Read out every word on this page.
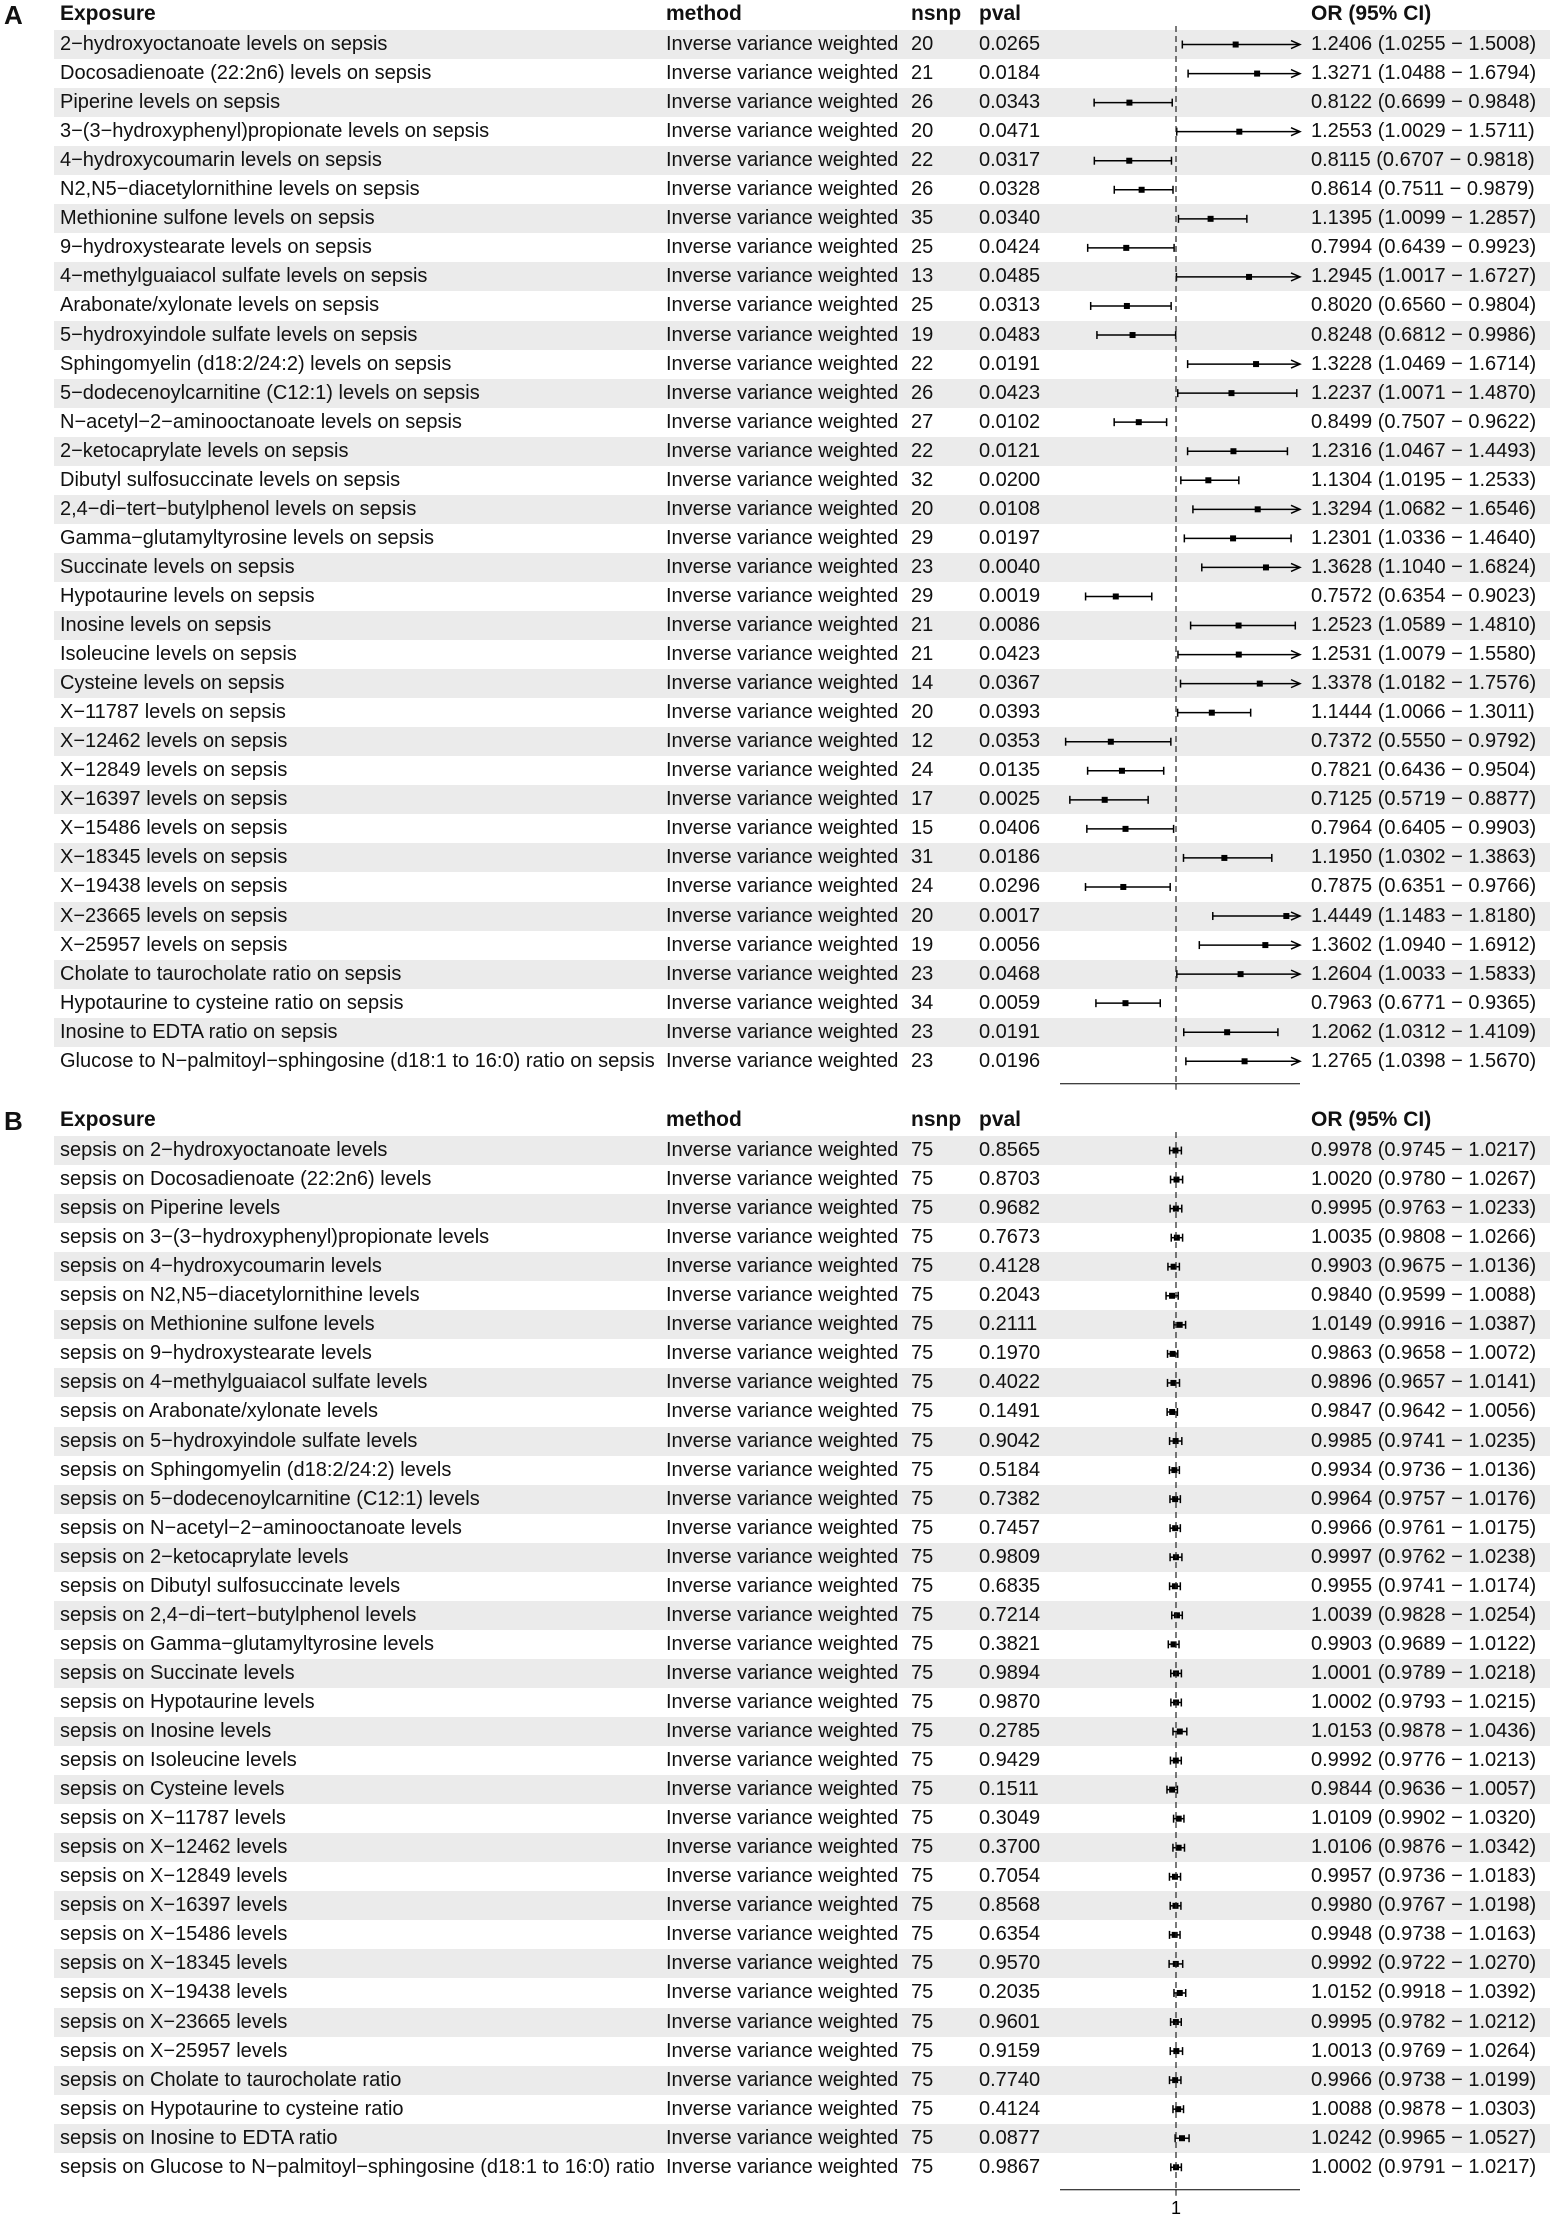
A Exposure	method	nsnp pval	OR (95% CI)
2−hydroxyoctanoate levels on sepsis	Inverse variance weighted 20 0.0265	1.2406 (1.0255 − 1.5008)
Docosadienoate (22:2n6) levels on sepsis	Inverse variance weighted 21 0.0184	1.3271 (1.0488 − 1.6794)
Piperine levels on sepsis	Inverse variance weighted 26 0.0343	0.8122 (0.6699 − 0.9848)
3−(3−hydroxyphenyl)propionate levels on sepsis	Inverse variance weighted 20 0.0471	1.2553 (1.0029 − 1.5711)
4−hydroxycoumarin levels on sepsis	Inverse variance weighted 22 0.0317	0.8115 (0.6707 − 0.9818)
N2,N5−diacetylornithine levels on sepsis	Inverse variance weighted 26 0.0328	0.8614 (0.7511 − 0.9879)
Methionine sulfone levels on sepsis	Inverse variance weighted 35 0.0340	1.1395 (1.0099 − 1.2857)
9−hydroxystearate levels on sepsis	Inverse variance weighted 25 0.0424	0.7994 (0.6439 − 0.9923)
4−methylguaiacol sulfate levels on sepsis	Inverse variance weighted 13 0.0485	1.2945 (1.0017 − 1.6727)
Arabonate/xylonate levels on sepsis	Inverse variance weighted 25 0.0313	0.8020 (0.6560 − 0.9804)
5−hydroxyindole sulfate levels on sepsis	Inverse variance weighted 19 0.0483	0.8248 (0.6812 − 0.9986)
Sphingomyelin (d18:2/24:2) levels on sepsis	Inverse variance weighted 22 0.0191	1.3228 (1.0469 − 1.6714)
5−dodecenoylcarnitine (C12:1) levels on sepsis	Inverse variance weighted 26 0.0423	1.2237 (1.0071 − 1.4870)
N−acetyl−2−aminooctanoate levels on sepsis	Inverse variance weighted 27 0.0102	0.8499 (0.7507 − 0.9622)
2−ketocaprylate levels on sepsis	Inverse variance weighted 22 0.0121	1.2316 (1.0467 − 1.4493)
Dibutyl sulfosuccinate levels on sepsis	Inverse variance weighted 32 0.0200	1.1304 (1.0195 − 1.2533)
2,4−di−tert−butylphenol levels on sepsis	Inverse variance weighted 20 0.0108	1.3294 (1.0682 − 1.6546)
Gamma−glutamyltyrosine levels on sepsis	Inverse variance weighted 29 0.0197	1.2301 (1.0336 − 1.4640)
Succinate levels on sepsis	Inverse variance weighted 23 0.0040	1.3628 (1.1040 − 1.6824)
Hypotaurine levels on sepsis	Inverse variance weighted 29 0.0019	0.7572 (0.6354 − 0.9023)
Inosine levels on sepsis	Inverse variance weighted 21 0.0086	1.2523 (1.0589 − 1.4810)
Isoleucine levels on sepsis	Inverse variance weighted 21 0.0423	1.2531 (1.0079 − 1.5580)
Cysteine levels on sepsis	Inverse variance weighted 14 0.0367	1.3378 (1.0182 − 1.7576)
X−11787 levels on sepsis	Inverse variance weighted 20 0.0393	1.1444 (1.0066 − 1.3011)
X−12462 levels on sepsis	Inverse variance weighted 12 0.0353	0.7372 (0.5550 − 0.9792)
X−12849 levels on sepsis	Inverse variance weighted 24 0.0135	0.7821 (0.6436 − 0.9504)
X−16397 levels on sepsis	Inverse variance weighted 17 0.0025	0.7125 (0.5719 − 0.8877)
X−15486 levels on sepsis	Inverse variance weighted 15 0.0406	0.7964 (0.6405 − 0.9903)
X−18345 levels on sepsis	Inverse variance weighted 31 0.0186	1.1950 (1.0302 − 1.3863)
X−19438 levels on sepsis	Inverse variance weighted 24 0.0296	0.7875 (0.6351 − 0.9766)
X−23665 levels on sepsis	Inverse variance weighted 20 0.0017	1.4449 (1.1483 − 1.8180)
X−25957 levels on sepsis	Inverse variance weighted 19 0.0056	1.3602 (1.0940 − 1.6912)
Cholate to taurocholate ratio on sepsis	Inverse variance weighted 23 0.0468	1.2604 (1.0033 − 1.5833)
Hypotaurine to cysteine ratio on sepsis	Inverse variance weighted 34 0.0059	0.7963 (0.6771 − 0.9365)
Inosine to EDTA ratio on sepsis	Inverse variance weighted 23 0.0191	1.2062 (1.0312 − 1.4109)
Glucose to N−palmitoyl−sphingosine (d18:1 to 16:0) ratio on sepsis Inverse variance weighted 23 0.0196	1.2765 (1.0398 − 1.5670)
B Exposure	method	nsnp pval	OR (95% CI)
sepsis on 2−hydroxyoctanoate levels	Inverse variance weighted 75 0.8565	0.9978 (0.9745 − 1.0217)
sepsis on Docosadienoate (22:2n6) levels	Inverse variance weighted 75 0.8703	1.0020 (0.9780 − 1.0267)
sepsis on Piperine levels	Inverse variance weighted 75 0.9682	0.9995 (0.9763 − 1.0233)
sepsis on 3−(3−hydroxyphenyl)propionate levels	Inverse variance weighted 75 0.7673	1.0035 (0.9808 − 1.0266)
sepsis on 4−hydroxycoumarin levels	Inverse variance weighted 75 0.4128	0.9903 (0.9675 − 1.0136)
sepsis on N2,N5−diacetylornithine levels	Inverse variance weighted 75 0.2043	0.9840 (0.9599 − 1.0088)
sepsis on Methionine sulfone levels	Inverse variance weighted 75 0.2111	1.0149 (0.9916 − 1.0387)
sepsis on 9−hydroxystearate levels	Inverse variance weighted 75 0.1970	0.9863 (0.9658 − 1.0072)
sepsis on 4−methylguaiacol sulfate levels	Inverse variance weighted 75 0.4022	0.9896 (0.9657 − 1.0141)
sepsis on Arabonate/xylonate levels	Inverse variance weighted 75 0.1491	0.9847 (0.9642 − 1.0056)
sepsis on 5−hydroxyindole sulfate levels	Inverse variance weighted 75 0.9042	0.9985 (0.9741 − 1.0235)
sepsis on Sphingomyelin (d18:2/24:2) levels	Inverse variance weighted 75 0.5184	0.9934 (0.9736 − 1.0136)
sepsis on 5−dodecenoylcarnitine (C12:1) levels	Inverse variance weighted 75 0.7382	0.9964 (0.9757 − 1.0176)
sepsis on N−acetyl−2−aminooctanoate levels	Inverse variance weighted 75 0.7457	0.9966 (0.9761 − 1.0175)
sepsis on 2−ketocaprylate levels	Inverse variance weighted 75 0.9809	0.9997 (0.9762 − 1.0238)
sepsis on Dibutyl sulfosuccinate levels	Inverse variance weighted 75 0.6835	0.9955 (0.9741 − 1.0174)
sepsis on 2,4−di−tert−butylphenol levels	Inverse variance weighted 75 0.7214	1.0039 (0.9828 − 1.0254)
sepsis on Gamma−glutamyltyrosine levels	Inverse variance weighted 75 0.3821	0.9903 (0.9689 − 1.0122)
sepsis on Succinate levels	Inverse variance weighted 75 0.9894	1.0001 (0.9789 − 1.0218)
sepsis on Hypotaurine levels	Inverse variance weighted 75 0.9870	1.0002 (0.9793 − 1.0215)
sepsis on Inosine levels	Inverse variance weighted 75 0.2785	1.0153 (0.9878 − 1.0436)
sepsis on Isoleucine levels	Inverse variance weighted 75 0.9429	0.9992 (0.9776 − 1.0213)
sepsis on Cysteine levels	Inverse variance weighted 75 0.1511	0.9844 (0.9636 − 1.0057)
sepsis on X−11787 levels	Inverse variance weighted 75 0.3049	1.0109 (0.9902 − 1.0320)
sepsis on X−12462 levels	Inverse variance weighted 75 0.3700	1.0106 (0.9876 − 1.0342)
sepsis on X−12849 levels	Inverse variance weighted 75 0.7054	0.9957 (0.9736 − 1.0183)
sepsis on X−16397 levels	Inverse variance weighted 75 0.8568	0.9980 (0.9767 − 1.0198)
sepsis on X−15486 levels	Inverse variance weighted 75 0.6354	0.9948 (0.9738 − 1.0163)
sepsis on X−18345 levels	Inverse variance weighted 75 0.9570	0.9992 (0.9722 − 1.0270)
sepsis on X−19438 levels	Inverse variance weighted 75 0.2035	1.0152 (0.9918 − 1.0392)
sepsis on X−23665 levels	Inverse variance weighted 75 0.9601	0.9995 (0.9782 − 1.0212)
sepsis on X−25957 levels	Inverse variance weighted 75 0.9159	1.0013 (0.9769 − 1.0264)
sepsis on Cholate to taurocholate ratio	Inverse variance weighted 75 0.7740	0.9966 (0.9738 − 1.0199)
sepsis on Hypotaurine to cysteine ratio	Inverse variance weighted 75 0.4124	1.0088 (0.9878 − 1.0303)
sepsis on Inosine to EDTA ratio	Inverse variance weighted 75 0.0877	1.0242 (0.9965 − 1.0527)
sepsis on Glucose to N−palmitoyl−sphingosine (d18:1 to 16:0) ratio Inverse variance weighted 75 0.9867	1.0002 (0.9791 − 1.0217)
1
